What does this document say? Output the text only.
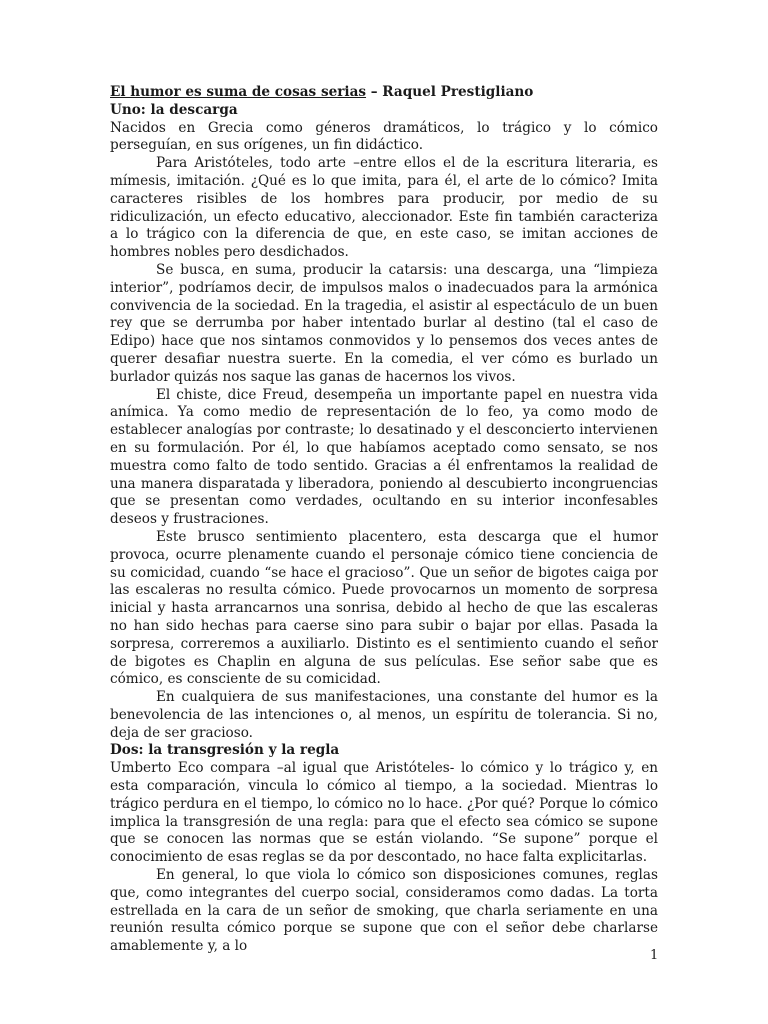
El humor es suma de cosas serias – Raquel Prestigliano

Uno: la descarga

Nacidos en Grecia como géneros dramáticos, lo trágico y lo cómico perseguían, en sus orígenes, un fin didáctico.

Para Aristóteles, todo arte –entre ellos el de la escritura literaria, es mímesis, imitación. ¿Qué es lo que imita, para él, el arte de lo cómico? Imita caracteres risibles de los hombres para producir, por medio de su ridiculización, un efecto educativo, aleccionador. Este fin también caracteriza a lo trágico con la diferencia de que, en este caso, se imitan acciones de hombres nobles pero desdichados.

Se busca, en suma, producir la catarsis: una descarga, una “limpieza interior”, podríamos decir, de impulsos malos o inadecuados para la armónica convivencia de la sociedad. En la tragedia, el asistir al espectáculo de un buen rey que se derrumba por haber intentado burlar al destino (tal el caso de Edipo) hace que nos sintamos conmovidos y lo pensemos dos veces antes de querer desafiar nuestra suerte. En la comedia, el ver cómo es burlado un burlador quizás nos saque las ganas de hacernos los vivos.

El chiste, dice Freud, desempeña un importante papel en nuestra vida anímica. Ya como medio de representación de lo feo, ya como modo de establecer analogías por contraste; lo desatinado y el desconcierto intervienen en su formulación. Por él, lo que habíamos aceptado como sensato, se nos muestra como falto de todo sentido. Gracias a él enfrentamos la realidad de una manera disparatada y liberadora, poniendo al descubierto incongruencias que se presentan como verdades, ocultando en su interior inconfesables deseos y frustraciones.

Este brusco sentimiento placentero, esta descarga que el humor provoca, ocurre plenamente cuando el personaje cómico tiene conciencia de su comicidad, cuando “se hace el gracioso”. Que un señor de bigotes caiga por las escaleras no resulta cómico. Puede provocarnos un momento de sorpresa inicial y hasta arrancarnos una sonrisa, debido al hecho de que las escaleras no han sido hechas para caerse sino para subir o bajar por ellas. Pasada la sorpresa, correremos a auxiliarlo. Distinto es el sentimiento cuando el señor de bigotes es Chaplin en alguna de sus películas. Ese señor sabe que es cómico, es consciente de su comicidad.

En cualquiera de sus manifestaciones, una constante del humor es la benevolencia de las intenciones o, al menos, un espíritu de tolerancia. Si no, deja de ser gracioso.

Dos: la transgresión y la regla

Umberto Eco compara –al igual que Aristóteles- lo cómico y lo trágico y, en esta comparación, vincula lo cómico al tiempo, a la sociedad. Mientras lo trágico perdura en el tiempo, lo cómico no lo hace. ¿Por qué? Porque lo cómico implica la transgresión de una regla: para que el efecto sea cómico se supone que se conocen las normas que se están violando. “Se supone” porque el conocimiento de esas reglas se da por descontado, no hace falta explicitarlas.

En general, lo que viola lo cómico son disposiciones comunes, reglas que, como integrantes del cuerpo social, consideramos como dadas. La torta estrellada en la cara de un señor de smoking, que charla seriamente en una reunión resulta cómico porque se supone que con el señor debe charlarse amablemente y, a lo

1
